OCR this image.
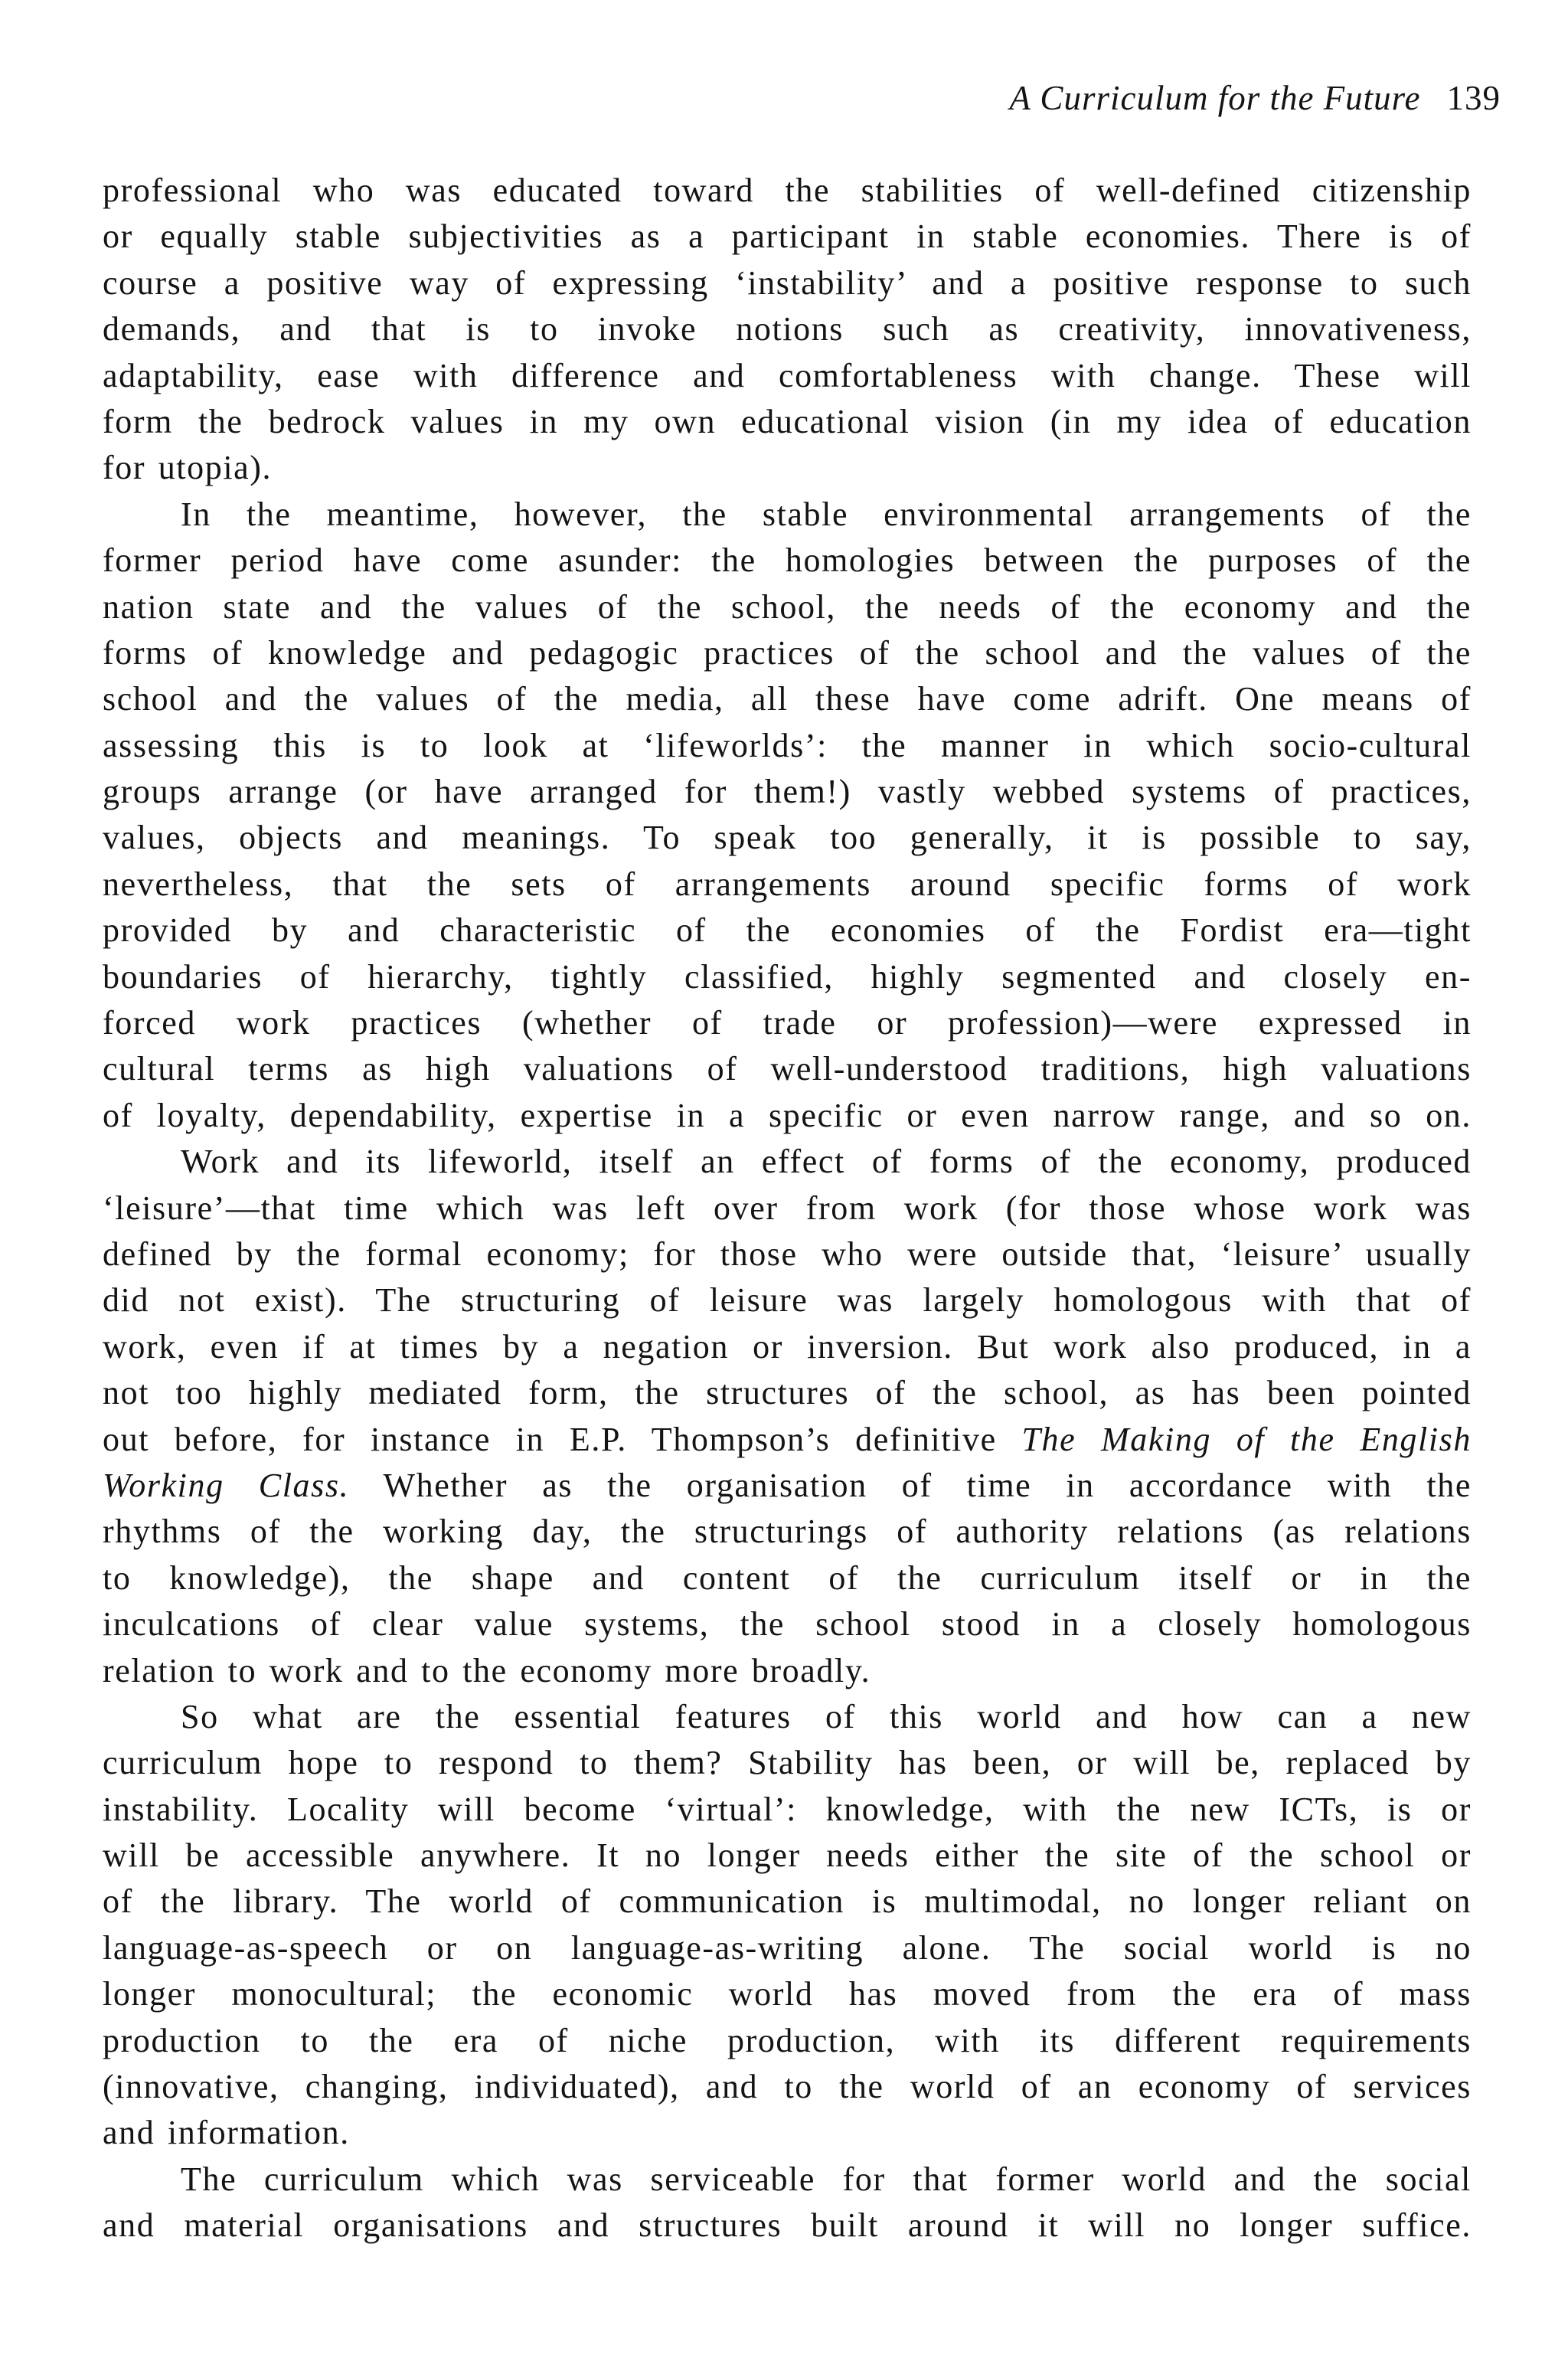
A Curriculum for the Future 139
professional who was educated toward the stabilities of well-defined citizenship
or equally stable subjectivities as a participant in stable economies. There is of
course a positive way of expressing ‘instability’ and a positive response to such
demands, and that is to invoke notions such as creativity, innovativeness,
adaptability, ease with difference and comfortableness with change. These will
form the bedrock values in my own educational vision (in my idea of education
for utopia).
In the meantime, however, the stable environmental arrangements of the
former period have come asunder: the homologies between the purposes of the
nation state and the values of the school, the needs of the economy and the
forms of knowledge and pedagogic practices of the school and the values of the
school and the values of the media, all these have come adrift. One means of
assessing this is to look at ‘lifeworlds’: the manner in which socio-cultural
groups arrange (or have arranged for them!) vastly webbed systems of practices,
values, objects and meanings. To speak too generally, it is possible to say,
nevertheless, that the sets of arrangements around specific forms of work
provided by and characteristic of the economies of the Fordist era—tight
boundaries of hierarchy, tightly classified, highly segmented and closely en-
forced work practices (whether of trade or profession)—were expressed in
cultural terms as high valuations of well-understood traditions, high valuations
of loyalty, dependability, expertise in a specific or even narrow range, and so on.
Work and its lifeworld, itself an effect of forms of the economy, produced
‘leisure’—that time which was left over from work (for those whose work was
defined by the formal economy; for those who were outside that, ‘leisure’ usually
did not exist). The structuring of leisure was largely homologous with that of
work, even if at times by a negation or inversion. But work also produced, in a
not too highly mediated form, the structures of the school, as has been pointed
out before, for instance in E.P. Thompson’s definitive The Making of the English
Working Class. Whether as the organisation of time in accordance with the
rhythms of the working day, the structurings of authority relations (as relations
to knowledge), the shape and content of the curriculum itself or in the
inculcations of clear value systems, the school stood in a closely homologous
relation to work and to the economy more broadly.
So what are the essential features of this world and how can a new
curriculum hope to respond to them? Stability has been, or will be, replaced by
instability. Locality will become ‘virtual’: knowledge, with the new ICTs, is or
will be accessible anywhere. It no longer needs either the site of the school or
of the library. The world of communication is multimodal, no longer reliant on
language-as-speech or on language-as-writing alone. The social world is no
longer monocultural; the economic world has moved from the era of mass
production to the era of niche production, with its different requirements
(innovative, changing, individuated), and to the world of an economy of services
and information.
The curriculum which was serviceable for that former world and the social
and material organisations and structures built around it will no longer suffice.
